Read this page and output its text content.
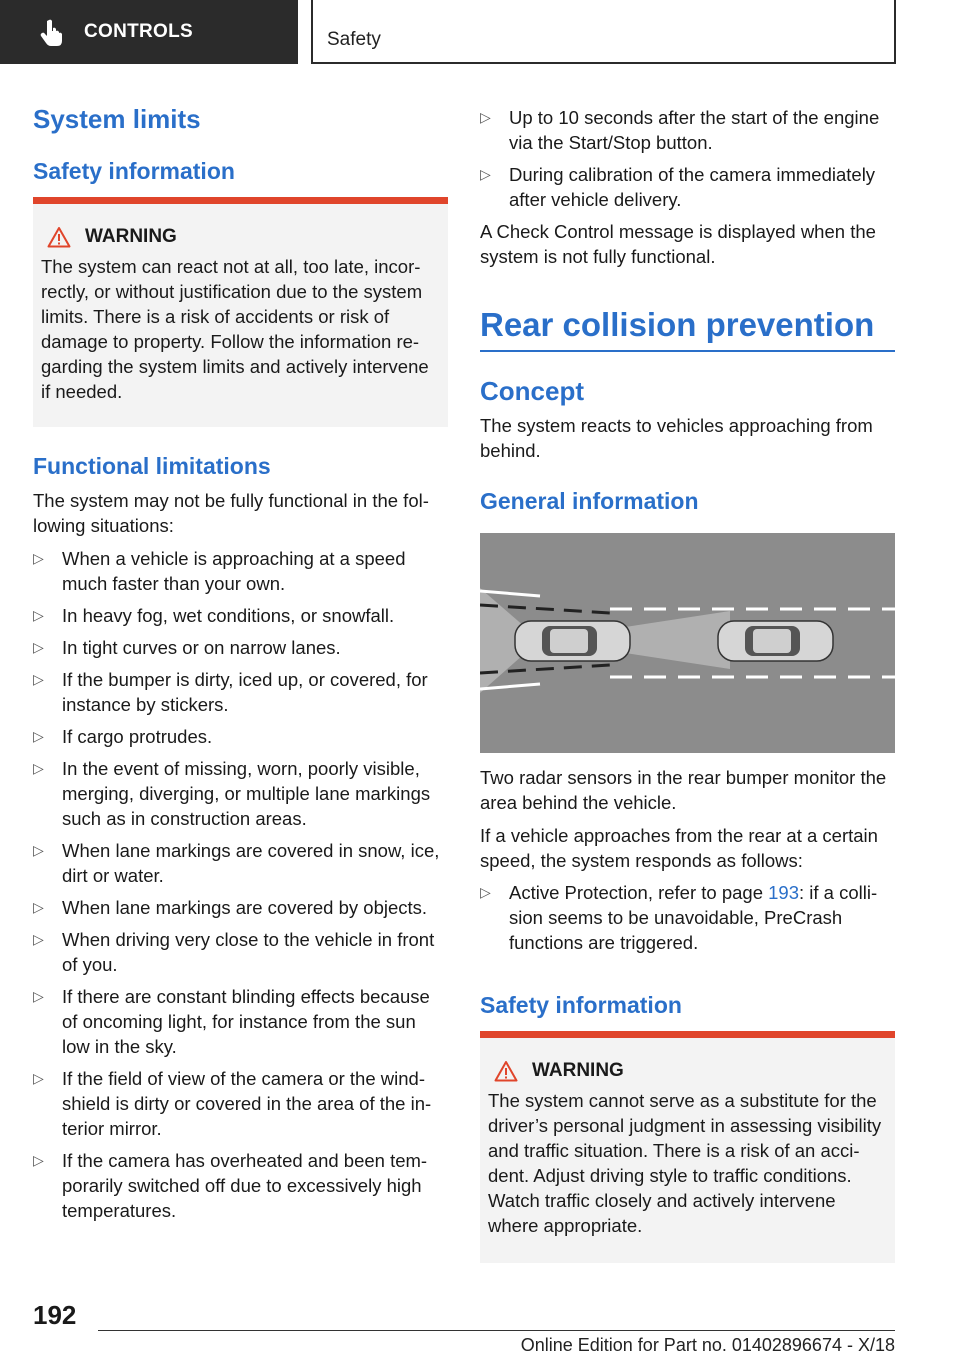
CONTROLS	Safety
System limits
Safety information
WARNING
The system can react not at all, too late, incor-rectly, or without justification due to the system limits. There is a risk of accidents or risk of damage to property. Follow the information re-garding the system limits and actively intervene if needed.
Functional limitations
The system may not be fully functional in the fol-lowing situations:
▷ When a vehicle is approaching at a speed much faster than your own.
▷ In heavy fog, wet conditions, or snowfall.
▷ In tight curves or on narrow lanes.
▷ If the bumper is dirty, iced up, or covered, for instance by stickers.
▷ If cargo protrudes.
▷ In the event of missing, worn, poorly visible, merging, diverging, or multiple lane markings such as in construction areas.
▷ When lane markings are covered in snow, ice, dirt or water.
▷ When lane markings are covered by objects.
▷ When driving very close to the vehicle in front of you.
▷ If there are constant blinding effects because of oncoming light, for instance from the sun low in the sky.
▷ If the field of view of the camera or the wind-shield is dirty or covered in the area of the in-terior mirror.
▷ If the camera has overheated and been tem-porarily switched off due to excessively high temperatures.
▷ Up to 10 seconds after the start of the engine via the Start/Stop button.
▷ During calibration of the camera immediately after vehicle delivery.
A Check Control message is displayed when the system is not fully functional.
Rear collision prevention
Concept
The system reacts to vehicles approaching from behind.
General information
Two radar sensors in the rear bumper monitor the area behind the vehicle.
If a vehicle approaches from the rear at a certain speed, the system responds as follows:
▷ Active Protection, refer to page 193: if a colli-sion seems to be unavoidable, PreCrash functions are triggered.
Safety information
WARNING
The system cannot serve as a substitute for the driver’s personal judgment in assessing visibility and traffic situation. There is a risk of an acci-dent. Adjust driving style to traffic conditions. Watch traffic closely and actively intervene where appropriate.
192
Online Edition for Part no. 01402896674 - X/18
